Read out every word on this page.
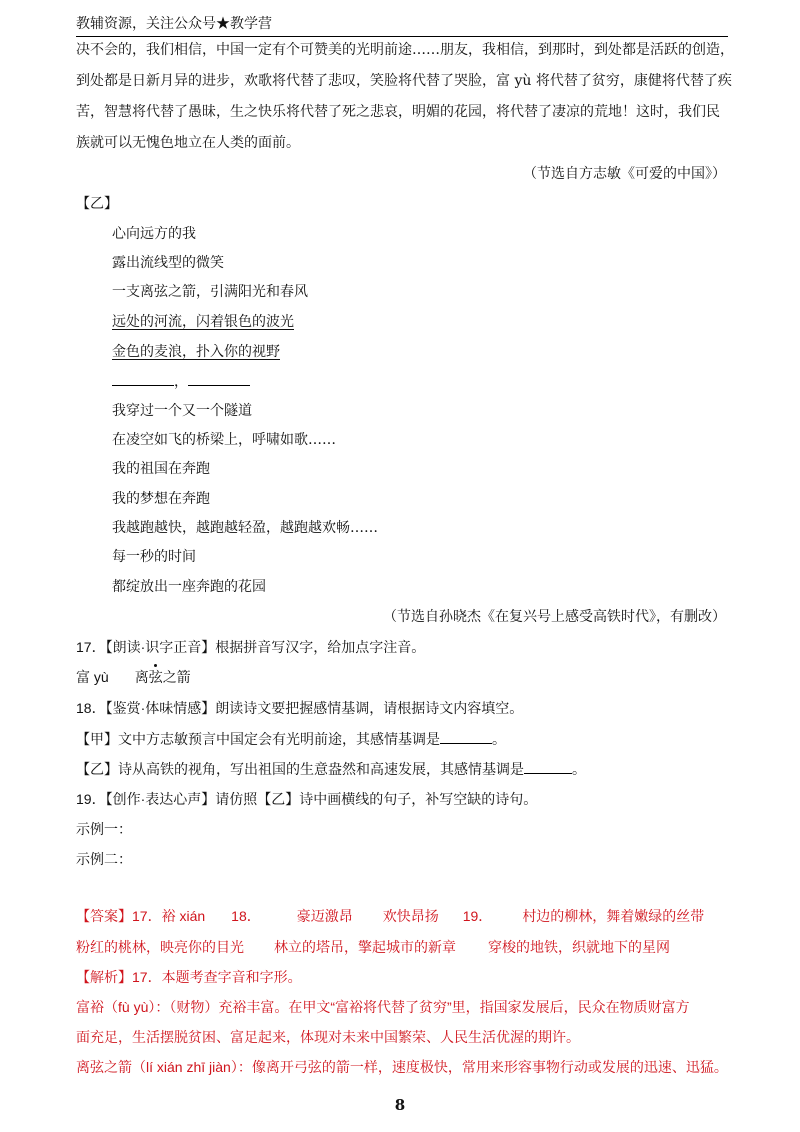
教辅资源，关注公众号★教学营
决不会的，我们相信，中国一定有个可赞美的光明前途……朋友，我相信，到那时，到处都是活跃的创造，
到处都是日新月异的进步，欢歌将代替了悲叹，笑脸将代替了哭脸，富 yù 将代替了贫穷，康健将代替了疾
苦，智慧将代替了愚昧，生之快乐将代替了死之悲哀，明媚的花园，将代替了凄凉的荒地！这时，我们民
族就可以无愧色地立在人类的面前。
（节选自方志敏《可爱的中国》）
【乙】
心向远方的我
露出流线型的微笑
一支离弦之箭，引满阳光和春风
远处的河流，闪着银色的波光
金色的麦浪，扑入你的视野
，
我穿过一个又一个隧道
在凌空如飞的桥梁上，呼啸如歌……
我的祖国在奔跑
我的梦想在奔跑
我越跑越快，越跑越轻盈，越跑越欢畅……
每一秒的时间
都绽放出一座奔跑的花园
（节选自孙晓杰《在复兴号上感受高铁时代》，有删改）
17．【朗读·识字正音】根据拼音写汉字，给加点字注音。
富 yù 离弦之箭
18．【鉴赏·体味情感】朗读诗文要把握感情基调，请根据诗文内容填空。
【甲】文中方志敏预言中国定会有光明前途，其感情基调是	。
【乙】诗从高铁的视角，写出祖国的生意盎然和高速发展，其感情基调是	。
19．【创作·表达心声】请仿照【乙】诗中画横线的句子，补写空缺的诗句。
示例一：
示例二：
【答案】17．裕 xián 18．	豪迈激昂 欢快昂扬 19． 村边的柳林，舞着嫩绿的丝带
粉红的桃林，映亮你的目光 林立的塔吊，擎起城市的新章 穿梭的地铁，织就地下的星网
【解析】17．本题考查字音和字形。
富裕（fù yù）：（财物）充裕丰富。在甲文“富裕将代替了贫穷”里，指国家发展后，民众在物质财富方
面充足，生活摆脱贫困、富足起来，体现对未来中国繁荣、人民生活优渥的期许。
离弦之箭（lí xián zhī jiàn）：像离开弓弦的箭一样，速度极快，常用来形容事物行动或发展的迅速、迅猛。
8
